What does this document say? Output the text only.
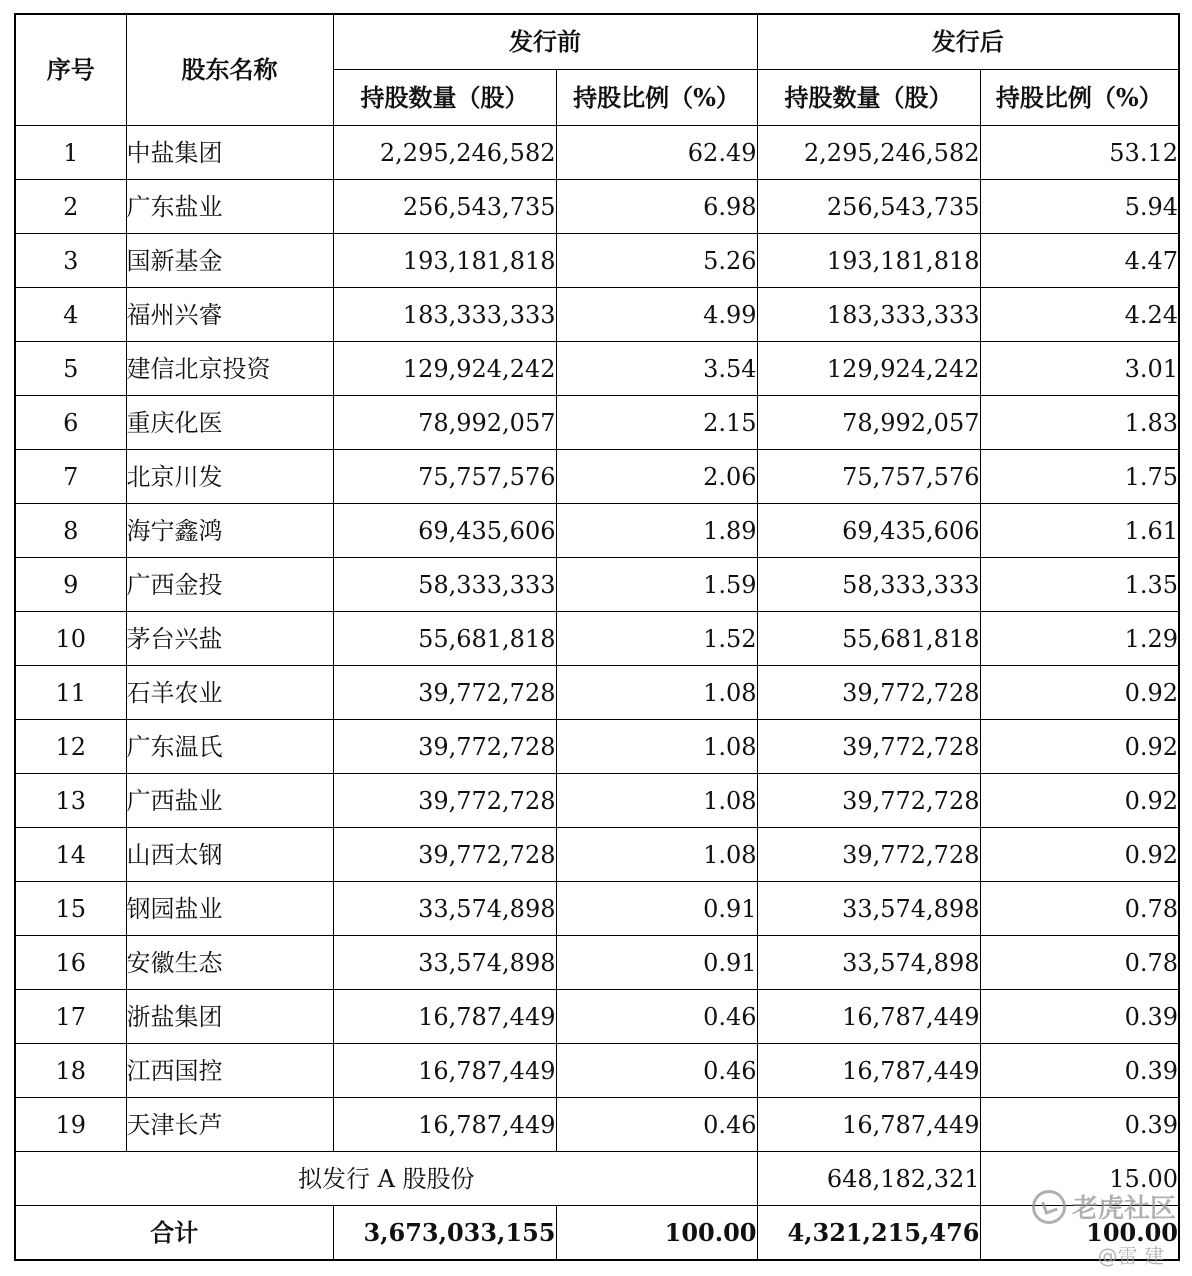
序号	股东名称	发行前		发行后	
		持股数量（股）	持股比例（%）	持股数量（股）	持股比例（%）
1	中盐集团	2,295,246,582	62.49	2,295,246,582	53.12
2	广东盐业	256,543,735	6.98	256,543,735	5.94
3	国新基金	193,181,818	5.26	193,181,818	4.47
4	福州兴睿	183,333,333	4.99	183,333,333	4.24
5	建信北京投资	129,924,242	3.54	129,924,242	3.01
6	重庆化医	78,992,057	2.15	78,992,057	1.83
7	北京川发	75,757,576	2.06	75,757,576	1.75
8	海宁鑫鸿	69,435,606	1.89	69,435,606	1.61
9	广西金投	58,333,333	1.59	58,333,333	1.35
10	茅台兴盐	55,681,818	1.52	55,681,818	1.29
11	石羊农业	39,772,728	1.08	39,772,728	0.92
12	广东温氏	39,772,728	1.08	39,772,728	0.92
13	广西盐业	39,772,728	1.08	39,772,728	0.92
14	山西太钢	39,772,728	1.08	39,772,728	0.92
15	钢园盐业	33,574,898	0.91	33,574,898	0.78
16	安徽生态	33,574,898	0.91	33,574,898	0.78
17	浙盐集团	16,787,449	0.46	16,787,449	0.39
18	江西国控	16,787,449	0.46	16,787,449	0.39
19	天津长芦	16,787,449	0.46	16,787,449	0.39
拟发行 A 股股份				648,182,321	15.00
合计		3,673,033,155	100.00	4,321,215,476	100.00
老虎社区
@雷 建
